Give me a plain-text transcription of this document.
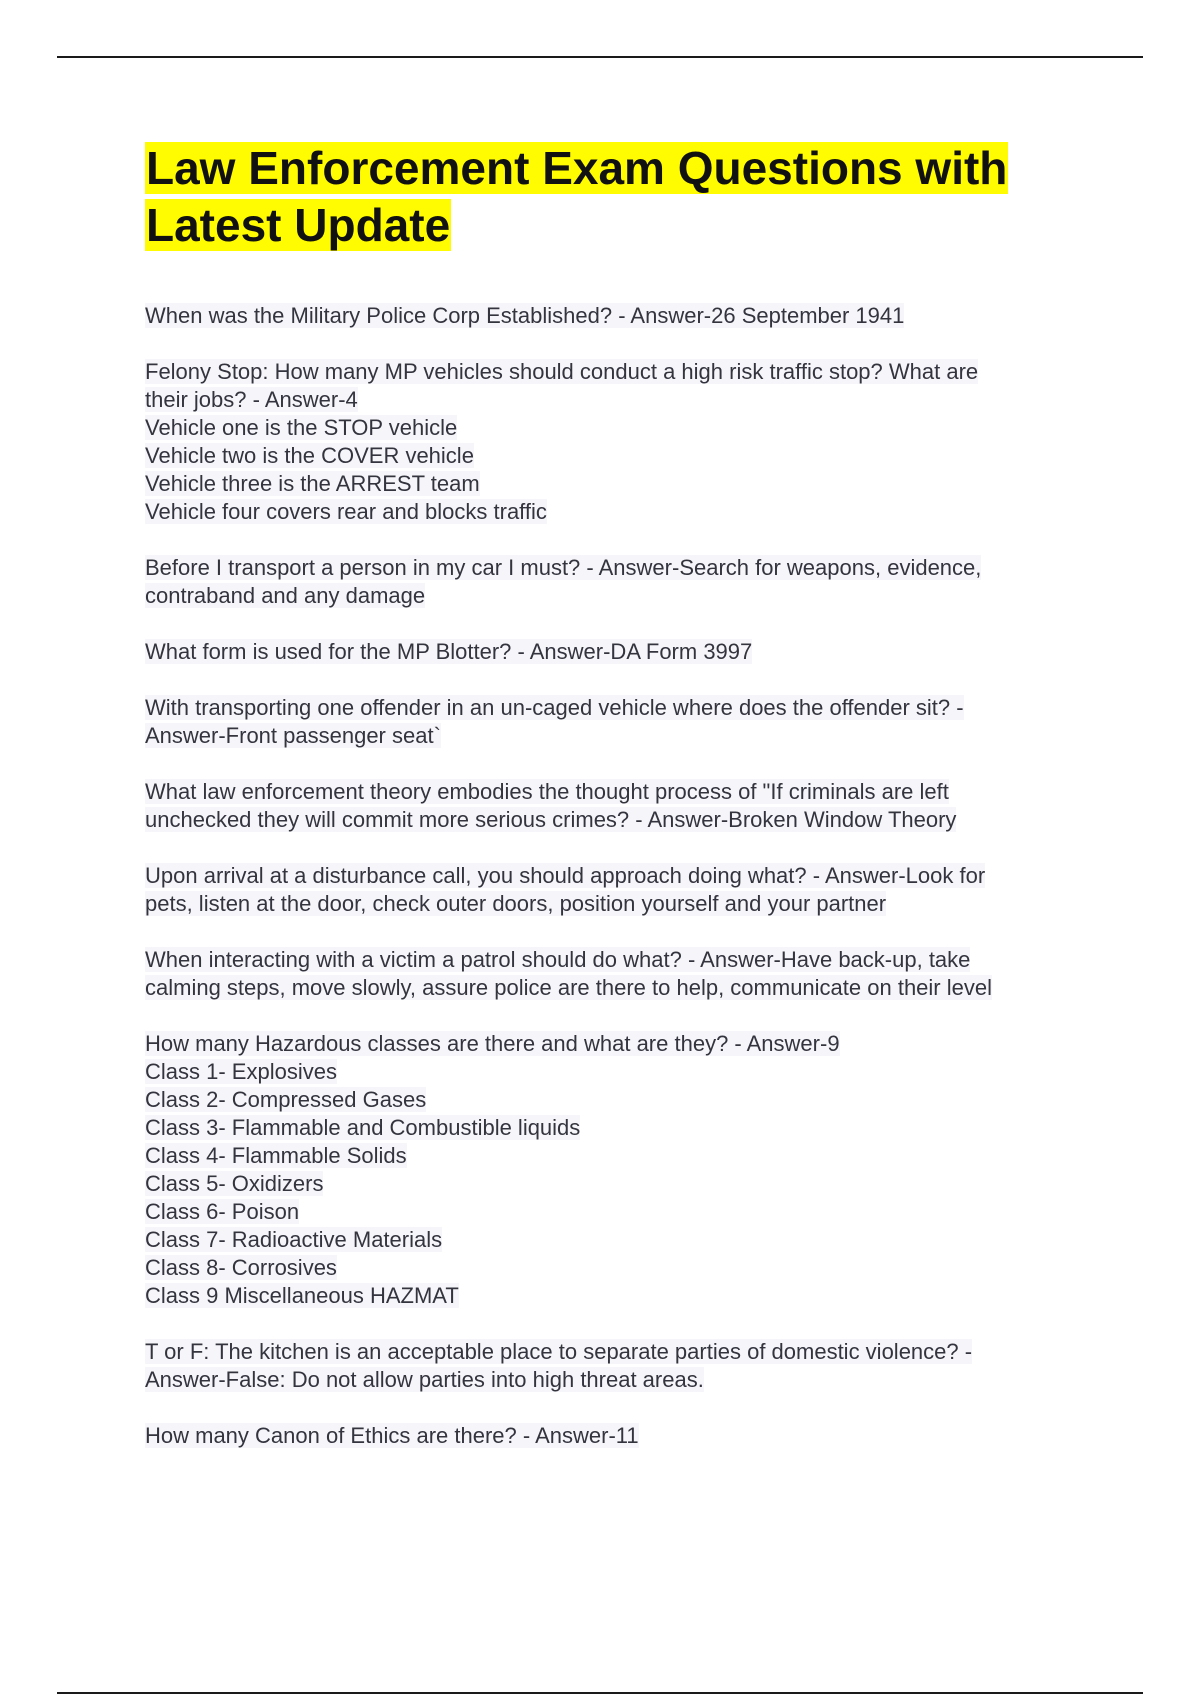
Law Enforcement Exam Questions with
Latest Update
When was the Military Police Corp Established? - Answer-26 September 1941
Felony Stop: How many MP vehicles should conduct a high risk traffic stop? What are
their jobs? - Answer-4
Vehicle one is the STOP vehicle
Vehicle two is the COVER vehicle
Vehicle three is the ARREST team
Vehicle four covers rear and blocks traffic
Before I transport a person in my car I must? - Answer-Search for weapons, evidence,
contraband and any damage
What form is used for the MP Blotter? - Answer-DA Form 3997
With transporting one offender in an un-caged vehicle where does the offender sit? -
Answer-Front passenger seat`
What law enforcement theory embodies the thought process of "If criminals are left
unchecked they will commit more serious crimes? - Answer-Broken Window Theory
Upon arrival at a disturbance call, you should approach doing what? - Answer-Look for
pets, listen at the door, check outer doors, position yourself and your partner
When interacting with a victim a patrol should do what? - Answer-Have back-up, take
calming steps, move slowly, assure police are there to help, communicate on their level
How many Hazardous classes are there and what are they? - Answer-9
Class 1- Explosives
Class 2- Compressed Gases
Class 3- Flammable and Combustible liquids
Class 4- Flammable Solids
Class 5- Oxidizers
Class 6- Poison
Class 7- Radioactive Materials
Class 8- Corrosives
Class 9 Miscellaneous HAZMAT
T or F: The kitchen is an acceptable place to separate parties of domestic violence? -
Answer-False: Do not allow parties into high threat areas.
How many Canon of Ethics are there? - Answer-11
